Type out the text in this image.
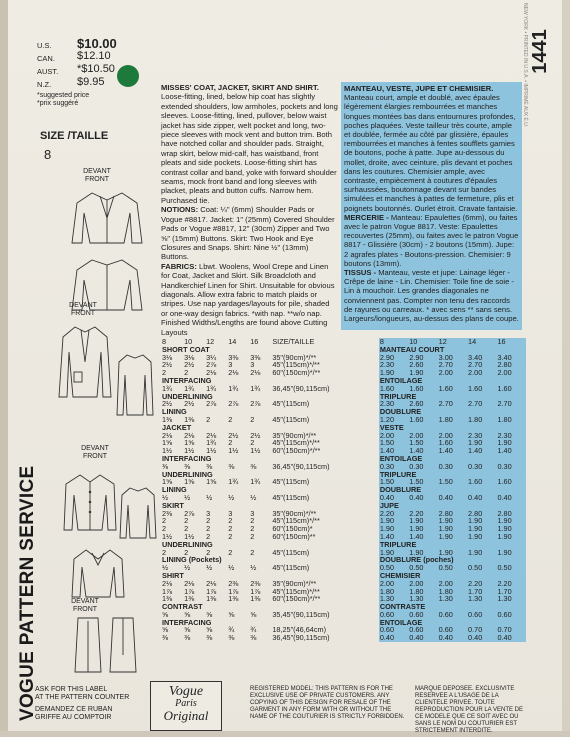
U.S.	$10.00
CAN.	$12.10
AUST.	*$10.50
N.Z.	$9.95
*suggested price
*prix suggéré
SIZE /TAILLE
8
1441
NEW YORK • PRINTED IN U.S.A. • IMPRIMÉ AUX É.U.
VOGUE PATTERN SERVICE
DEVANT
FRONT
DEVANT
FRONT
DEVANT
FRONT
DEVANT
FRONT
MISSES' COAT, JACKET, SKIRT AND SHIRT. Loose-fitting, lined, below hip coat has slightly extended shoulders, low armholes, pockets and long sleeves. Loose-fitting, lined, pullover, below waist jacket has side zipper, welt pocket and long, two-piece sleeves with mock vent and button trim. Both have notched collar and shoulder pads. Straight, wrap skirt, below mid-calf, has waistband, front pleats and side pockets. Loose-fitting shirt has contrast collar and band, yoke with forward shoulder seams, mock front band and long sleeves with placket, pleats and button cuffs. Narrow hem. Purchased tie.
NOTIONS: Coat: ¼" (6mm) Shoulder Pads or Vogue #8817. Jacket: 1" (25mm) Covered Shoulder Pads or Vogue #8817, 12" (30cm) Zipper and Two ⅝" (15mm) Buttons. Skirt: Two Hook and Eye Closures and Snaps. Shirt: Nine ½" (13mm) Buttons.
FABRICS: Lbwt. Woolens, Wool Crepe and Linen for Coat, Jacket and Skirt. Silk Broadcloth and Handkerchief Linen for Shirt. Unsuitable for obvious diagonals. Allow extra fabric to match plaids or stripes. Use nap yardages/layouts for pile, shaded or one-way design fabrics. *with nap. **w/o nap.
Finished Widths/Lengths are found above Cutting Layouts
MANTEAU, VESTE, JUPE ET CHEMISIER. Manteau court, ample et doublé, avec épaules légèrement élargies rembourrées et manches longues montées bas dans entournures profondes, poches plaquées. Veste tailleur très courte, ample et doublée, fermée au côté par glissière, épaules rembourrées et manches à fentes soufflets garnies de boutons, poche à patte. Jupe au-dessous du mollet, droite, avec ceinture, plis devant et poches dans les coutures. Chemisier ample, avec contraste, empiècement à coutures d'épaules surhaussées, boutonnage devant sur bandes simulées et manches à pattes de fermeture, plis et poignets boutonnés. Ourlet étroit. Cravate fantaisie.
MERCERIE - Manteau: Epaulettes (6mm), ou faites avec le patron Vogue 8817. Veste: Epaulettes recouvertes (25mm), ou faites avec le patron Vogue 8817 - Glissière (30cm) - 2 boutons (15mm). Jupe: 2 agrafes plates - Boutons-pression. Chemisier: 9 boutons (13mm).
TISSUS - Manteau, veste et jupe: Lainage léger - Crêpe de laine - Lin. Chemisier: Toile fine de soie - Lin à mouchoir. Les grandes diagonales ne conviennent pas. Compter non tenu des raccords de rayures ou carreaux. * avec sens ** sans sens.
Largeurs/longueurs, au-dessus des plans de coupe.
8	10	12	14	16	SIZE/TAILLE	8	10	12	14	16
SHORT COAT						MANTEAU COURT				
3⅛	3⅛	3¼	3⅜	3⅜	35"(90cm)*/**	2.90	2.90	3.00	3.40	3.40
2½	2½	2⅞	3	3	45"(115cm)*/**	2.30	2.60	2.70	2.70	2.80
2	2	2⅛	2⅛	2⅛	60"(150cm)*/**	1.90	1.90	2.00	2.00	2.00
INTERFACING						ENTOILAGE				
1¾	1¾	1¾	1¾	1¾	36,45"(90,115cm)	1.60	1.60	1.60	1.60	1.60
UNDERLINING						TRIPLURE				
2½	2½	2⅞	2⅞	2⅞	45"(115cm)	2.30	2.60	2.70	2.70	2.70
LINING						DOUBLURE				
1⅜	1⅜	2	2	2	45"(115cm)	1.20	1.60	1.80	1.80	1.80
JACKET						VESTE				
2⅛	2⅛	2⅛	2½	2½	35"(90cm)*/**	2.00	2.00	2.00	2.30	2.30
1⅝	1⅝	1¾	2	2	45"(115cm)*/**	1.50	1.50	1.60	1.90	1.90
1½	1½	1½	1½	1½	60"(150cm)*/**	1.40	1.40	1.40	1.40	1.40
INTERFACING						ENTOILAGE				
⅜	⅜	⅜	⅜	⅜	36,45"(90,115cm)	0.30	0.30	0.30	0.30	0.30
UNDERLINING						TRIPLURE				
1⅝	1⅝	1⅝	1¾	1¾	45"(115cm)	1.50	1.50	1.50	1.60	1.60
LINING						DOUBLURE				
½	½	½	½	½	45"(115cm)	0.40	0.40	0.40	0.40	0.40
SKIRT						JUPE				
2⅜	2⅞	3	3	3	35"(90cm)*/**	2.20	2.20	2.80	2.80	2.80
2	2	2	2	2	45"(115cm)*/**	1.90	1.90	1.90	1.90	1.90
2	2	2	2	2	60"(150cm)*	1.90	1.90	1.90	1.90	1.90
1½	1½	2	2	2	60"(150cm)**	1.40	1.40	1.90	1.90	1.90
UNDERLINING						TRIPLURE				
2	2	2	2	2	45"(115cm)	1.90	1.90	1.90	1.90	1.90
LINING (Pockets)						DOUBLURE (poches)				
½	½	½	½	½	45"(115cm)	0.50	0.50	0.50	0.50	0.50
SHIRT						CHEMISIER				
2⅛	2⅛	2⅛	2⅜	2⅜	35"(90cm)*/**	2.00	2.00	2.00	2.20	2.20
1⅞	1⅞	1⅞	1⅞	1⅞	45"(115cm)*/**	1.80	1.80	1.80	1.70	1.70
1⅜	1⅜	1⅜	1⅜	1⅜	60"(150cm)*/**	1.30	1.30	1.30	1.30	1.30
CONTRAST						CONTRASTE				
⅝	⅝	⅝	⅝	⅝	35,45"(90,115cm)	0.60	0.60	0.60	0.60	0.60
INTERFACING						ENTOILAGE				
⅝	⅝	⅝	¾	¾	18,25"(46,64cm)	0.60	0.60	0.60	0.70	0.70
⅜	⅜	⅜	⅜	⅜	36,45"(90,115cm)	0.40	0.40	0.40	0.40	0.40
ASK FOR THIS LABEL
AT THE PATTERN COUNTER
DEMANDEZ CE RUBAN
GRIFFE AU COMPTOIR
Vogue
Paris
Original
REGISTERED MODEL: THIS PATTERN IS FOR THE EXCLUSIVE USE OF PRIVATE CUSTOMERS. ANY COPYING OF THIS DESIGN FOR RESALE OF THE GARMENT IN ANY FORM WITH OR WITHOUT THE NAME OF THE COUTURIER IS STRICTLY FORBIDDEN.
MARQUE DEPOSEE. EXCLUSIVITE RESERVEE A L'USAGE DE LA CLIENTELE PRIVEE. TOUTE REPRODUCTION POUR LA VENTE DE CE MODELE QUE CE SOIT AVEC OU SANS LE NOM DU COUTURIER EST STRICTEMENT INTERDITE.
